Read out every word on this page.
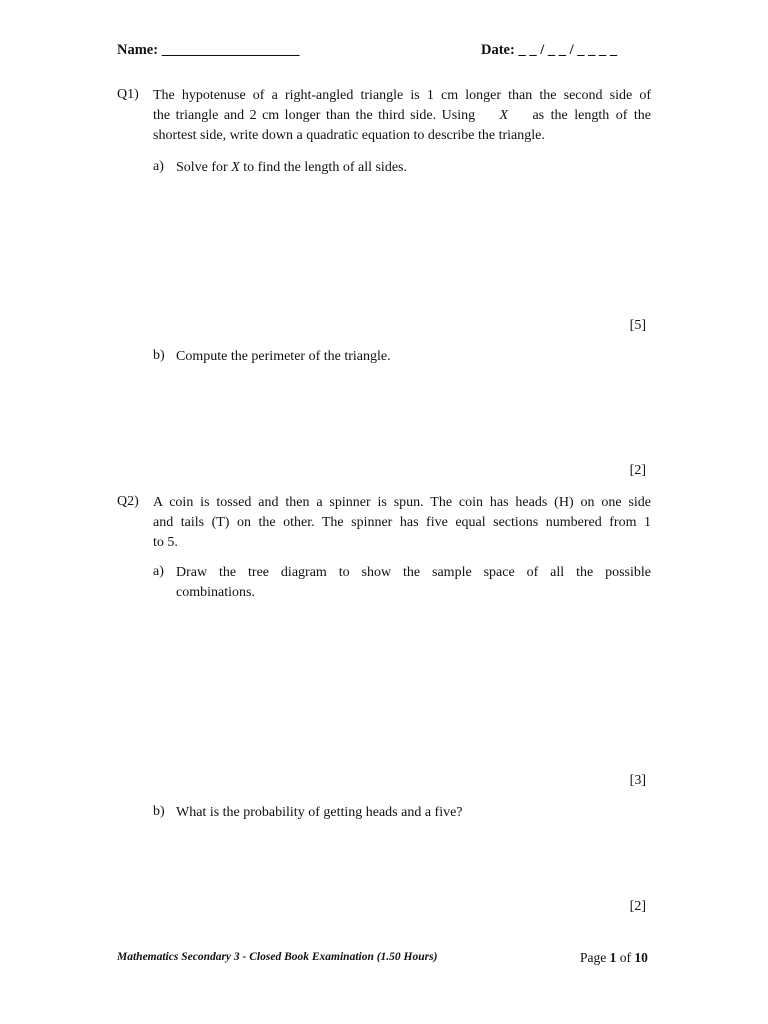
Name: ___________________	Date: _ _ / _ _ / _ _ _ _
Q1) The hypotenuse of a right-angled triangle is 1 cm longer than the second side of
the triangle and 2 cm longer than the third side. Using X as the length of the
shortest side, write down a quadratic equation to describe the triangle.
a) Solve for X to find the length of all sides.
[5]
b) Compute the perimeter of the triangle.
[2]
Q2) A coin is tossed and then a spinner is spun. The coin has heads (H) on one side
and tails (T) on the other. The spinner has five equal sections numbered from 1
to 5.
a) Draw the tree diagram to show the sample space of all the possible
combinations.
[3]
b) What is the probability of getting heads and a five?
[2]
Mathematics Secondary 3 - Closed Book Examination (1.50 Hours)	Page 1 of 10
